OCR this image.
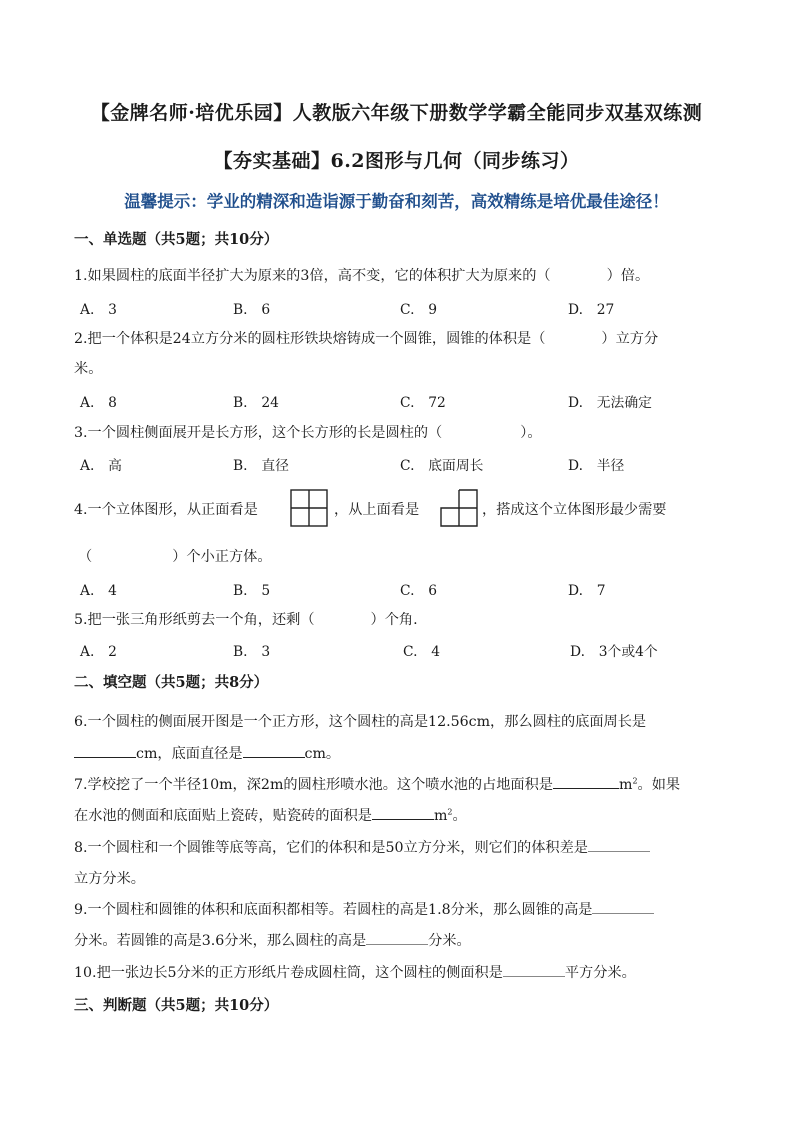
【金牌名师·培优乐园】人教版六年级下册数学学霸全能同步双基双练测
【夯实基础】6.2图形与几何（同步练习）
温馨提示：学业的精深和造诣源于勤奋和刻苦，高效精练是培优最佳途径！
一、单选题（共5题；共10分）
1.如果圆柱的底面半径扩大为原来的3倍，高不变，它的体积扩大为原来的（	）倍。
A.　3	B.　6	C.　9	D.　27
2.把一个体积是24立方分米的圆柱形铁块熔铸成一个圆锥，圆锥的体积是（	）立方分
米。
A.　8	B.　24	C.　72	D.　无法确定
3.一个圆柱侧面展开是长方形，这个长方形的长是圆柱的（	）。
A.　高	B.　直径	C.　底面周长	D.　半径
4.一个立体图形，从正面看是	，从上面看是	，搭成这个立体图形最少需要
（	）个小正方体。
A.　4	B.　5	C.　6	D.　7
5.把一张三角形纸剪去一个角，还剩（	）个角.
A.　2	B.　3	C.　4	D.　3个或4个
二、填空题（共5题；共8分）
6.一个圆柱的侧面展开图是一个正方形，这个圆柱的高是12.56cm，那么圆柱的底面周长是
cm，底面直径是	cm。
7.学校挖了一个半径10m，深2m的圆柱形喷水池。这个喷水池的占地面积是	$m^2$。如果
在水池的侧面和底面贴上瓷砖，贴瓷砖的面积是	$m^2$。
8.一个圆柱和一个圆锥等底等高，它们的体积和是50立方分米，则它们的体积差是
立方分米。
9.一个圆柱和圆锥的体积和底面积都相等。若圆柱的高是1.8分米，那么圆锥的高是
分米。若圆锥的高是3.6分米，那么圆柱的高是	分米。
10.把一张边长5分米的正方形纸片卷成圆柱筒，这个圆柱的侧面积是	平方分米。
三、判断题（共5题；共10分）
